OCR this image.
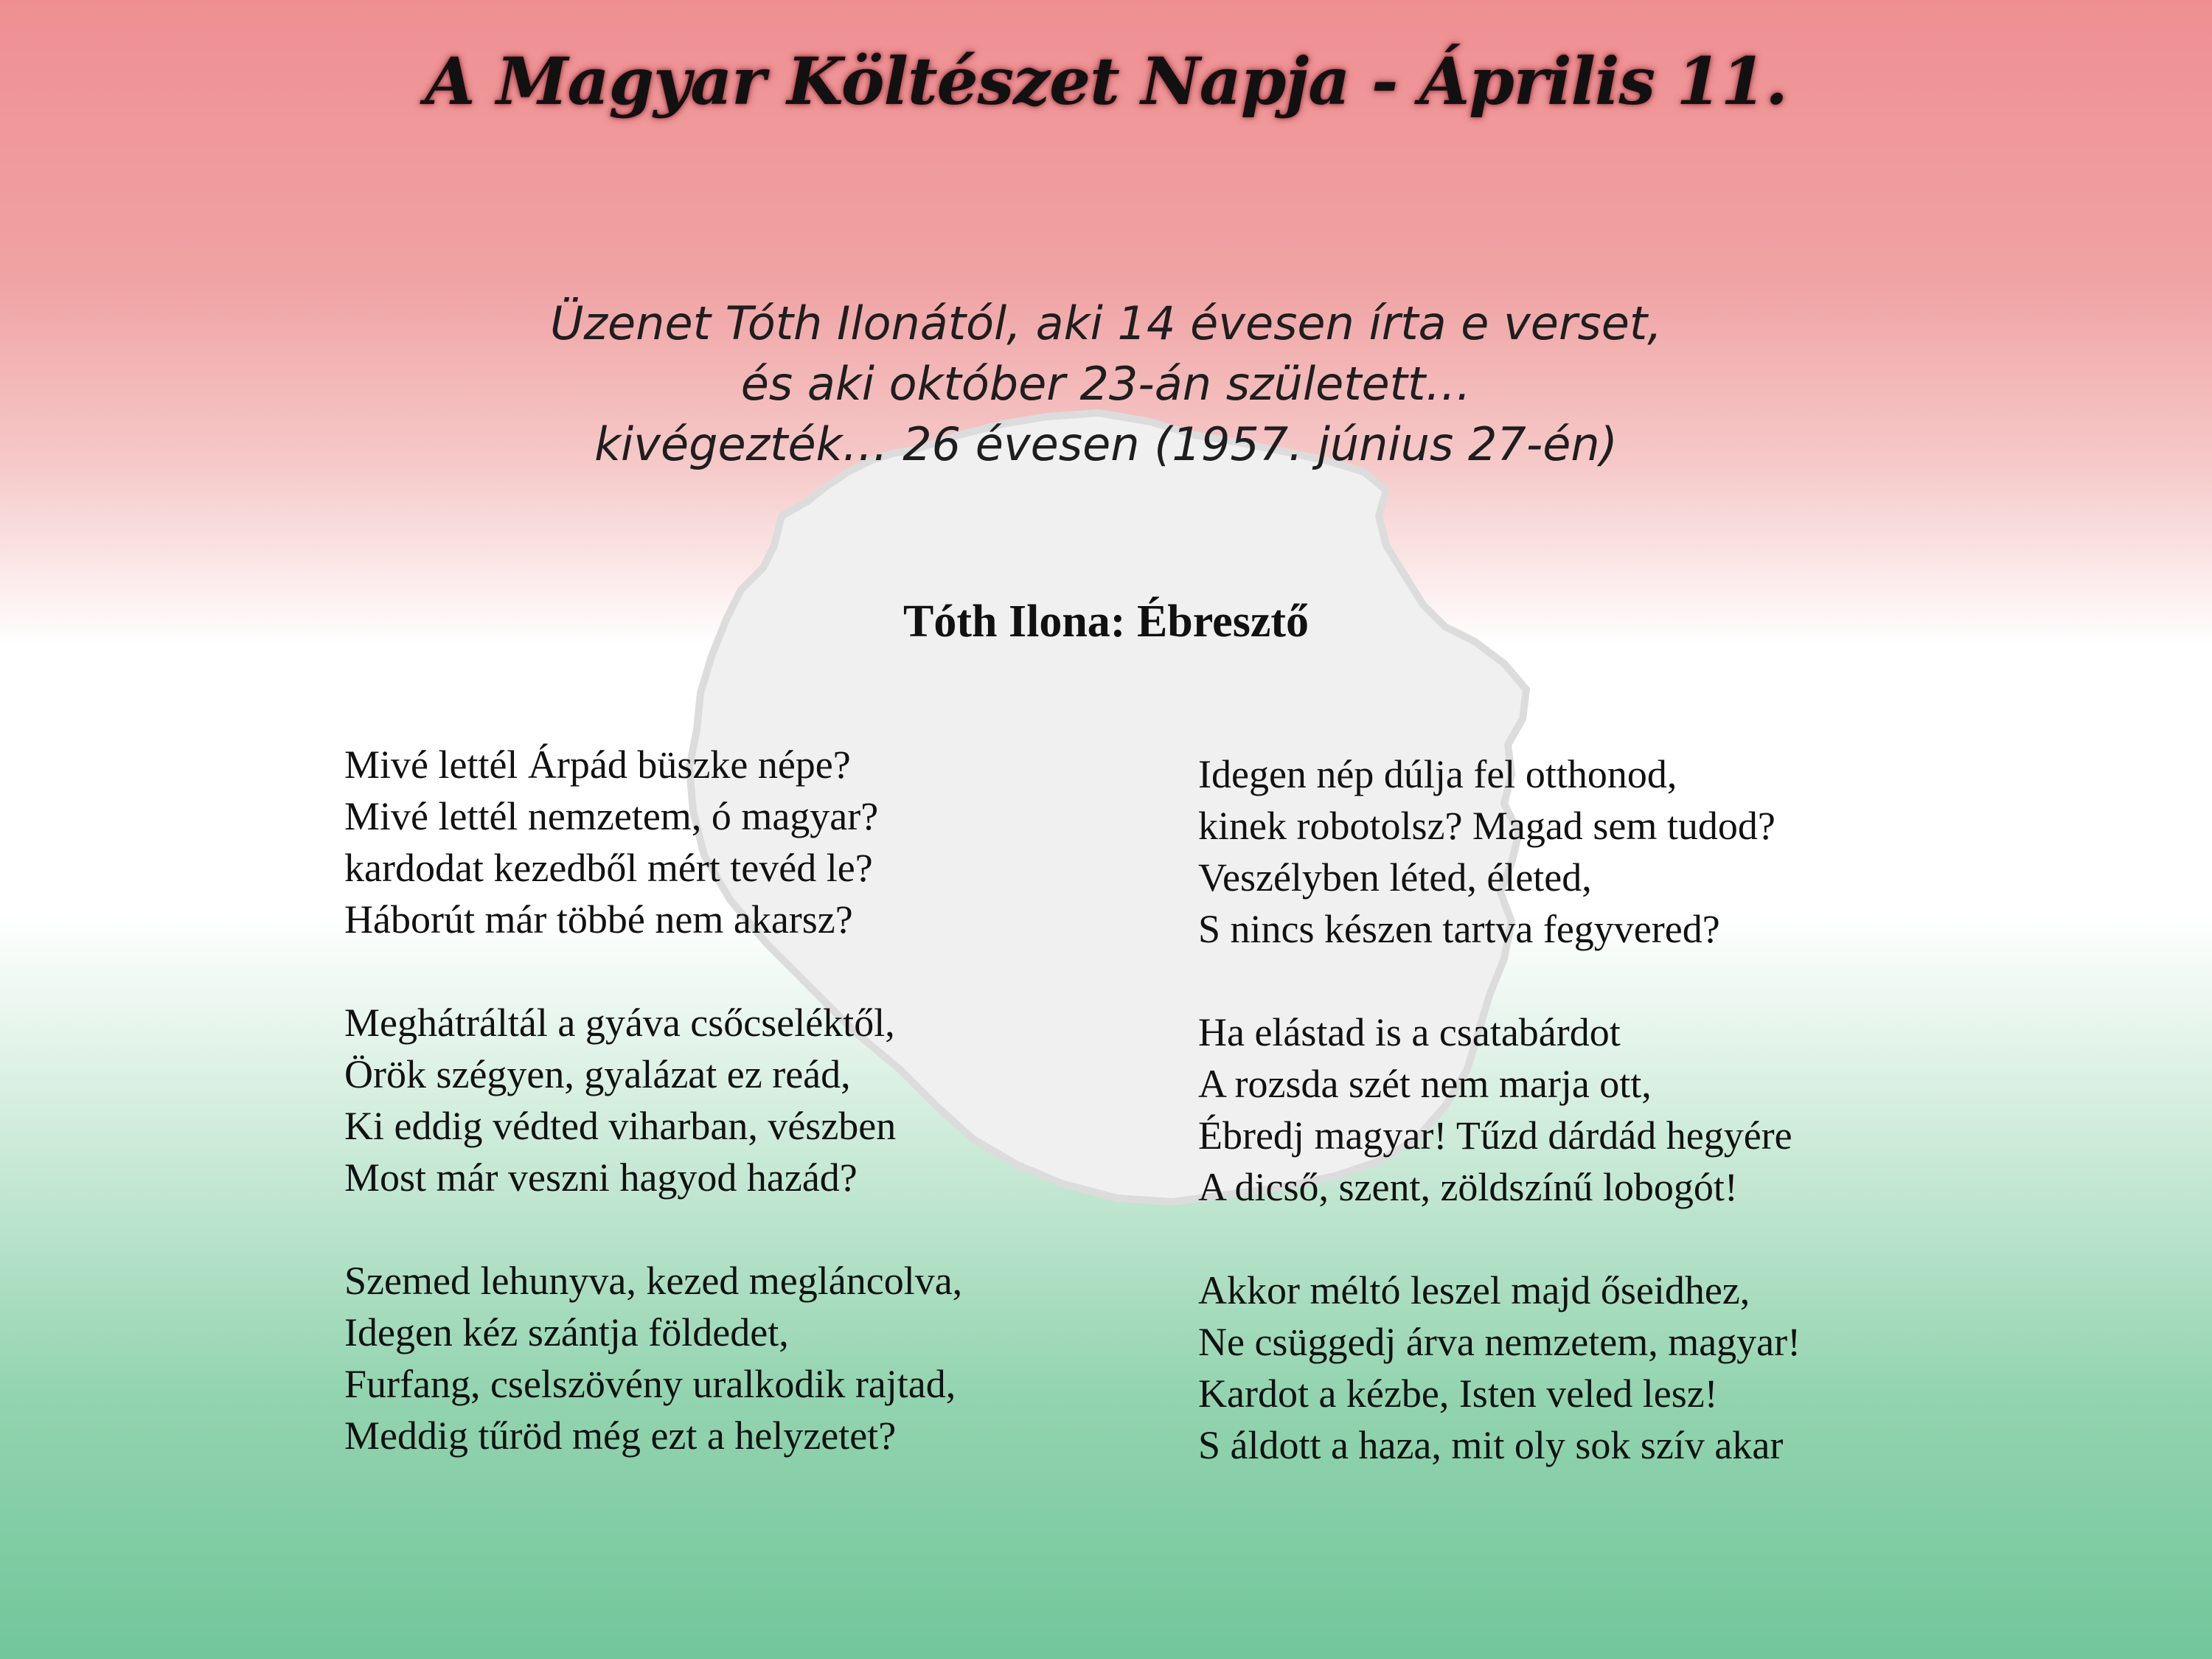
A Magyar Költészet Napja - Április 11.
Üzenet Tóth Ilonától, aki 14 évesen írta e verset,
és aki október 23-án született…
kivégezték… 26 évesen (1957. június 27-én)
Tóth Ilona: Ébresztő
Mivé lettél Árpád büszke népe?
Mivé lettél nemzetem, ó magyar?
kardodat kezedből mért tevéd le?
Háborút már többé nem akarsz?
Meghátráltál a gyáva csőcseléktől,
Örök szégyen, gyalázat ez reád,
Ki eddig védted viharban, vészben
Most már veszni hagyod hazád?
Szemed lehunyva, kezed megláncolva,
Idegen kéz szántja földedet,
Furfang, cselszövény uralkodik rajtad,
Meddig tűröd még ezt a helyzetet?
Idegen nép dúlja fel otthonod,
kinek robotolsz? Magad sem tudod?
Veszélyben léted, életed,
S nincs készen tartva fegyvered?
Ha elástad is a csatabárdot
A rozsda szét nem marja ott,
Ébredj magyar! Tűzd dárdád hegyére
A dicső, szent, zöldszínű lobogót!
Akkor méltó leszel majd őseidhez,
Ne csüggedj árva nemzetem, magyar!
Kardot a kézbe, Isten veled lesz!
S áldott a haza, mit oly sok szív akar
